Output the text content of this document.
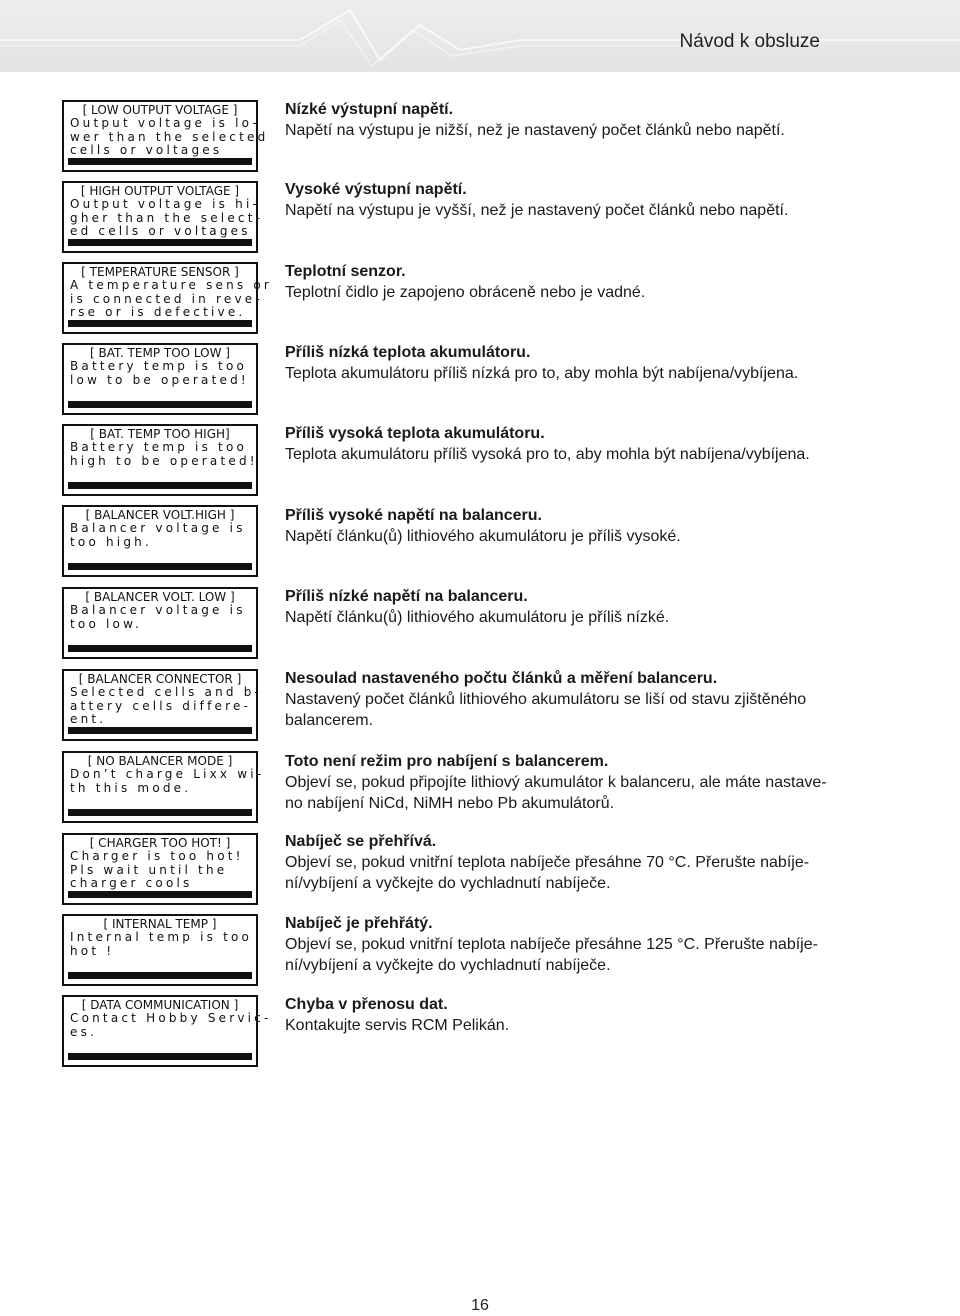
Návod k obsluze
[ LOW OUTPUT VOLTAGE ]
Output voltage is lo-
wer than the selected
cells or voltages
Nízké výstupní napětí.
Napětí na výstupu je nižší, než je nastavený počet článků nebo napětí.
[ HIGH OUTPUT VOLTAGE ]
Output voltage is hi-
gher than the select-
ed cells or voltages
Vysoké výstupní napětí.
Napětí na výstupu je vyšší, než je nastavený počet článků nebo napětí.
[ TEMPERATURE SENSOR ]
A temperature sens or
is connected in reve-
rse or is defective.
Teplotní senzor.
Teplotní čidlo je zapojeno obráceně nebo je vadné.
[ BAT. TEMP TOO LOW ]
Battery temp is too
low to be operated!
Příliš nízká teplota akumulátoru.
Teplota akumulátoru příliš nízká pro to, aby mohla být nabíjena/vybíjena.
[ BAT. TEMP TOO HIGH]
Battery temp is too
high to be operated!
Příliš vysoká teplota akumulátoru.
Teplota akumulátoru příliš vysoká pro to, aby mohla být nabíjena/vybíjena.
[ BALANCER VOLT.HIGH ]
Balancer voltage is
too high.
Příliš vysoké napětí na balanceru.
Napětí článku(ů) lithiového akumulátoru je příliš vysoké.
[ BALANCER VOLT. LOW ]
Balancer voltage is
too low.
Příliš nízké napětí na balanceru.
Napětí článku(ů) lithiového akumulátoru je příliš nízké.
[ BALANCER CONNECTOR ]
Selected cells and b-
attery cells differe-
ent.
Nesoulad nastaveného počtu článků a měření balanceru.
Nastavený počet článků lithiového akumulátoru se liší od stavu zjištěného
balancerem.
[ NO BALANCER MODE ]
Don’t charge Lixx wi-
th this mode.
Toto není režim pro nabíjení s balancerem.
Objeví se, pokud připojíte lithiový akumulátor k balanceru, ale máte nastave-
no nabíjení NiCd, NiMH nebo Pb akumulátorů.
[ CHARGER TOO HOT! ]
Charger is too hot!
Pls wait until the
charger cools
Nabíječ se přehřívá.
Objeví se, pokud vnitřní teplota nabíječe přesáhne 70 °C. Přerušte nabíje-
ní/vybíjení a vyčkejte do vychladnutí nabíječe.
[ INTERNAL TEMP ]
Internal temp is too
hot !
Nabíječ je přehřátý.
Objeví se, pokud vnitřní teplota nabíječe přesáhne 125 °C. Přerušte nabíje-
ní/vybíjení a vyčkejte do vychladnutí nabíječe.
[ DATA COMMUNICATION ]
Contact Hobby Servic-
es.
Chyba v přenosu dat.
Kontakujte servis RCM Pelikán.
16
